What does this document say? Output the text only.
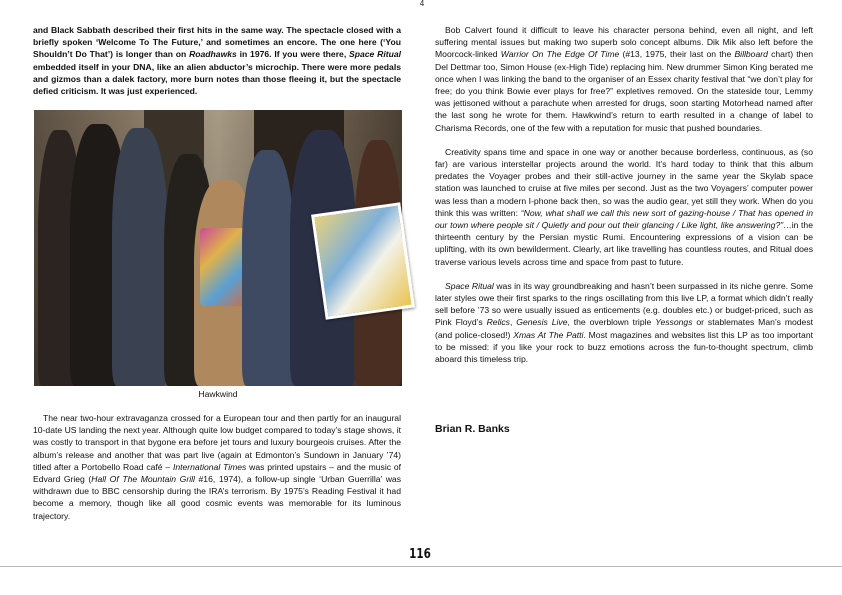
4

and Black Sabbath described their first hits in the same way. The spectacle closed with a briefly spoken ‘Welcome To The Future,’ and sometimes an encore. The one here (‘You Shouldn’t Do That’) is longer than on Roadhawks in 1976. If you were there, Space Ritual embedded itself in your DNA, like an alien abductor’s microchip. There were more pedals and gizmos than a dalek factory, more burn notes than those fleeing it, but the spectacle defied criticism. It was just experienced.

Hawkwind

The near two-hour extravaganza crossed for a European tour and then partly for an inaugural 10-date US landing the next year. Although quite low budget compared to today’s stage shows, it was costly to transport in that bygone era before jet tours and luxury bourgeois cruises. After the album’s release and another that was part live (again at Edmonton’s Sundown in January ’74) titled after a Portobello Road café – International Times was printed upstairs – and the music of Edvard Grieg (Hall Of The Mountain Grill #16, 1974), a follow-up single ‘Urban Guerrilla’ was withdrawn due to BBC censorship during the IRA’s terrorism. By 1975’s Reading Festival it had become a memory, though like all good cosmic events was memorable for its luminous trajectory.

Bob Calvert found it difficult to leave his character persona behind, even all night, and left suffering mental issues but making two superb solo concept albums. Dik Mik also left before the Moorcock-linked Warrior On The Edge Of Time (#13, 1975, their last on the Billboard chart) then Del Dettmar too, Simon House (ex-High Tide) replacing him. New drummer Simon King berated me once when I was linking the band to the organiser of an Essex charity festival that “we don’t play for free; do you think Bowie ever plays for free?” expletives removed. On the stateside tour, Lemmy was jettisoned without a parachute when arrested for drugs, soon starting Motorhead named after the last song he wrote for them. Hawkwind’s return to earth resulted in a change of label to Charisma Records, one of the few with a reputation for music that pushed boundaries.

Creativity spans time and space in one way or another because borderless, continuous, as (so far) are various interstellar projects around the world. It’s hard today to think that this album predates the Voyager probes and their still-active journey in the same year the Skylab space station was launched to cruise at five miles per second. Just as the two Voyagers’ computer power was less than a modern I-phone back then, so was the audio gear, yet still they work. When do you think this was written: “Now, what shall we call this new sort of gazing-house / That has opened in our town where people sit / Quietly and pour out their glancing / Like light, like answering?”…in the thirteenth century by the Persian mystic Rumi. Encountering expressions of a vision can be uplifting, with its own bewilderment. Clearly, art like travelling has countless routes, and Ritual does traverse various levels across time and space from past to future.

Space Ritual was in its way groundbreaking and hasn’t been surpassed in its niche genre. Some later styles owe their first sparks to the rings oscillating from this live LP, a format which didn’t really sell before ’73 so were usually issued as enticements (e.g. doubles etc.) or budget-priced, such as Pink Floyd’s Relics, Genesis Live, the overblown triple Yessongs or stablemates Man’s modest (and police-closed!) Xmas At The Patti. Most magazines and websites list this LP as too important to be missed: if you like your rock to buzz emotions across the fun-to-thought spectrum, climb aboard this timeless trip.

Brian R. Banks
116
